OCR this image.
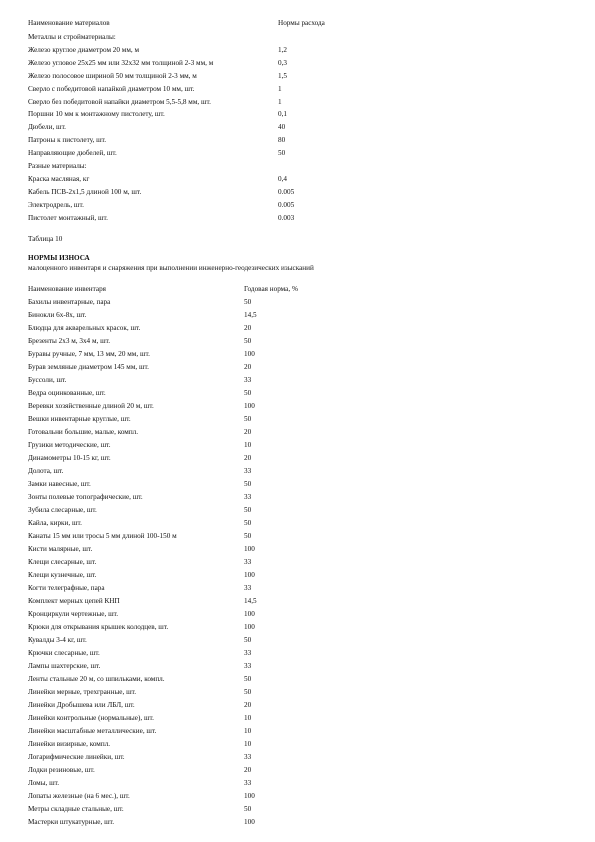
Наименование материалов	Нормы расхода
Металлы и стройматериалы:
Железо круглое диаметром 20 мм, м	1,2
Железо угловое 25х25 мм или 32х32 мм толщиной 2-3 мм, м	0,3
Железо полосовое шириной 50 мм толщиной 2-3 мм, м	1,5
Сверло с победитовой напайкой диаметром 10 мм, шт.	1
Сверло без победитовой напайки диаметром 5,5-5,8 мм, шт.	1
Поршни 10 мм к монтажному пистолету, шт.	0,1
Дюбели, шт.	40
Патроны к пистолету, шт.	80
Направляющие дюбелей, шт.	50
Разные материалы:
Краска масляная, кг	0,4
Кабель ПСВ-2х1,5 длиной 100 м, шт.	0.005
Электродрель, шт.	0.005
Пистолет монтажный, шт.	0.003
Таблица 10
НОРМЫ ИЗНОСА
малоценного инвентаря и снаряжения при выполнении инженерно-геодезических изысканий
Наименование инвентаря	Годовая норма, %
Бахилы инвентарные, пара	50
Бинокли 6х-8х, шт.	14,5
Блюдца для акварельных красок, шт.	20
Брезенты 2х3 м, 3х4 м, шт.	50
Буравы ручные, 7 мм, 13 мм, 20 мм, шт.	100
Бурав земляные диаметром 145 мм, шт.	20
Буссоли, шт.	33
Ведра оцинкованные, шт.	50
Веревки хозяйственные длиной 20 м, шт.	100
Вешки инвентарные круглые, шт.	50
Готовальни большие, малые, компл.	20
Грузики методические, шт.	10
Динамометры 10-15 кг, шт.	20
Долота, шт.	33
Замки навесные, шт.	50
Зонты полевые топографические, шт.	33
Зубила слесарные, шт.	50
Кайла, кирки, шт.	50
Канаты 15 мм или тросы 5 мм длиной 100-150 м	50
Кисти малярные, шт.	100
Клещи слесарные, шт.	33
Клещи кузнечные, шт.	100
Когти телеграфные, пара	33
Комплект мерных цепей КНП	14,5
Кронциркули чертежные, шт.	100
Крюки для открывания крышек колодцев, шт.	100
Кувалды 3-4 кг, шт.	50
Крючки слесарные, шт.	33
Лампы шахтерские, шт.	33
Ленты стальные 20 м, со шпильками, компл.	50
Линейки мерные, трехгранные, шт.	50
Линейки Дробышева или ЛБЛ, шт.	20
Линейки контрольные (нормальные), шт.	10
Линейки масштабные металлические, шт.	10
Линейки визирные, компл.	10
Логарифмические линейки, шт.	33
Лодки резиновые, шт.	20
Ломы, шт.	33
Лопаты железные (на 6 мес.), шт.	100
Метры складные стальные, шт.	50
Мастерки штукатурные, шт.	100
